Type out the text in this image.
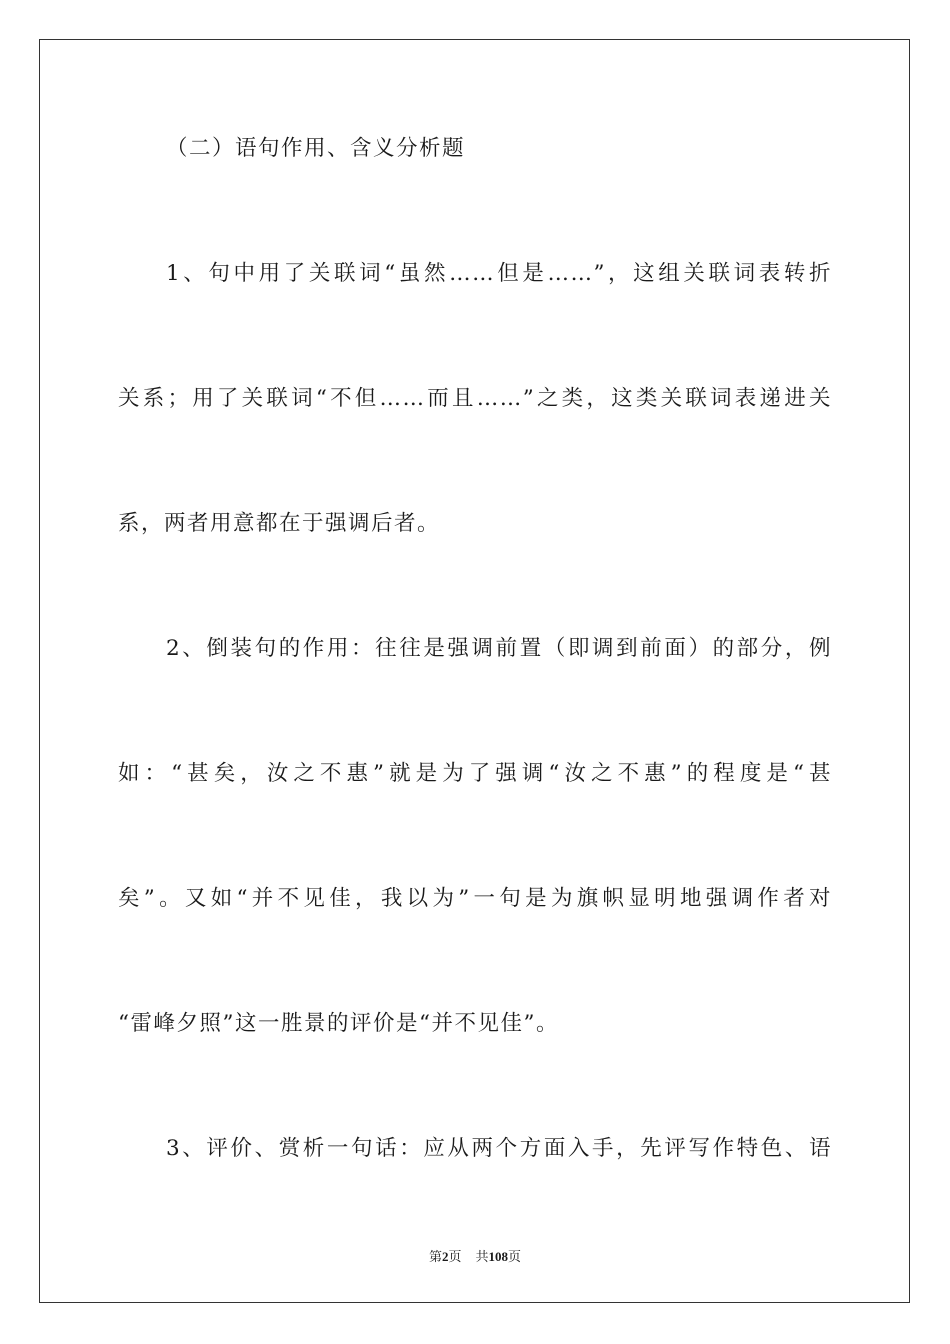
（二）语句作用、含义分析题
1、句中用了关联词“虽然……但是……”，这组关联词表转折
关系；用了关联词“不但……而且……”之类，这类关联词表递进关
系，两者用意都在于强调后者。
2、倒装句的作用：往往是强调前置（即调到前面）的部分，例
如：“甚矣，汝之不惠”就是为了强调“汝之不惠”的程度是“甚
矣”。又如“并不见佳，我以为”一句是为旗帜显明地强调作者对
“雷峰夕照”这一胜景的评价是“并不见佳”。
3、评价、赏析一句话：应从两个方面入手，先评写作特色、语
第2页 共108页
